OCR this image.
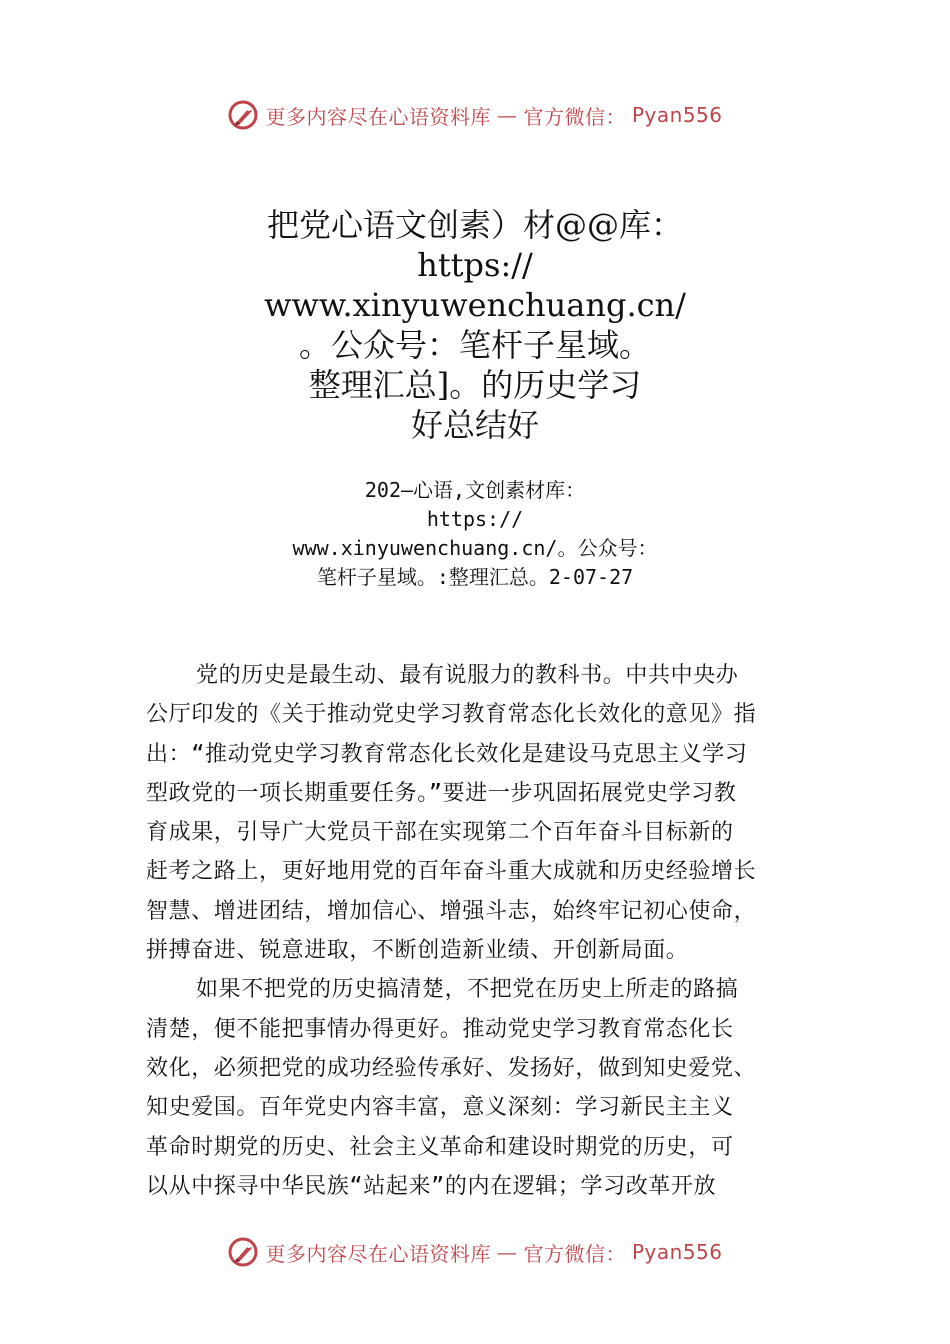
更多内容尽在心语资料库 — 官方微信： Pyan556
把党心语文创素）材@@库：
https://
www.xinyuwenchuang.cn/
。公众号：笔杆子星域。
整理汇总]。的历史学习
好总结好
202—心语,文创素材库：
https://
www.xinyuwenchuang.cn/。公众号：
笔杆子星域。:整理汇总。2-07-27
党的历史是最生动、最有说服力的教科书。中共中央办
公厅印发的《关于推动党史学习教育常态化长效化的意见》指
出：“推动党史学习教育常态化长效化是建设马克思主义学习
型政党的一项长期重要任务。”要进一步巩固拓展党史学习教
育成果，引导广大党员干部在实现第二个百年奋斗目标新的
赶考之路上，更好地用党的百年奋斗重大成就和历史经验增长
智慧、增进团结，增加信心、增强斗志，始终牢记初心使命，
拼搏奋进、锐意进取，不断创造新业绩、开创新局面。
如果不把党的历史搞清楚，不把党在历史上所走的路搞
清楚，便不能把事情办得更好。推动党史学习教育常态化长
效化，必须把党的成功经验传承好、发扬好，做到知史爱党、
知史爱国。百年党史内容丰富，意义深刻：学习新民主主义
革命时期党的历史、社会主义革命和建设时期党的历史，可
以从中探寻中华民族“站起来”的内在逻辑；学习改革开放
更多内容尽在心语资料库 — 官方微信： Pyan556
